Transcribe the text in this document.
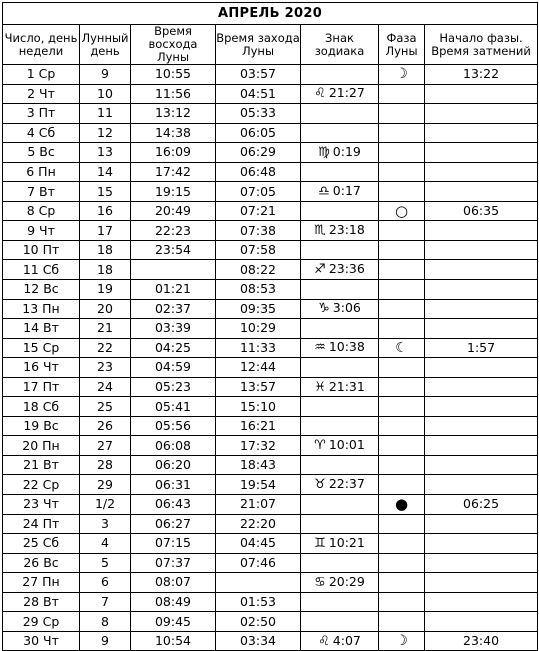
АПРЕЛЬ 2020						
Число, день недели	Лунный день	Время восхода Луны	Время захода Луны	Знак зодиака	Фаза Луны	Начало фазы. Время затмений
1 Ср	9	10:55	03:57		☽	13:22
2 Чт	10	11:56	04:51	♌ 21:27		
3 Пт	11	13:12	05:33			
4 Сб	12	14:38	06:05			
5 Вс	13	16:09	06:29	♍ 0:19		
6 Пн	14	17:42	06:48			
7 Вт	15	19:15	07:05	♎ 0:17		
8 Ср	16	20:49	07:21		○	06:35
9 Чт	17	22:23	07:38	♏ 23:18		
10 Пт	18	23:54	07:58			
11 Сб	18		08:22	♐ 23:36		
12 Вс	19	01:21	08:53			
13 Пн	20	02:37	09:35	♑ 3:06		
14 Вт	21	03:39	10:29			
15 Ср	22	04:25	11:33	♒ 10:38	☾	1:57
16 Чт	23	04:59	12:44			
17 Пт	24	05:23	13:57	♓ 21:31		
18 Сб	25	05:41	15:10			
19 Вс	26	05:56	16:21			
20 Пн	27	06:08	17:32	♈ 10:01		
21 Вт	28	06:20	18:43			
22 Ср	29	06:31	19:54	♉ 22:37		
23 Чт	1/2	06:43	21:07		●	06:25
24 Пт	3	06:27	22:20			
25 Сб	4	07:15	04:45	♊ 10:21		
26 Вс	5	07:37	07:46			
27 Пн	6	08:07		♋ 20:29		
28 Вт	7	08:49	01:53			
29 Ср	8	09:45	02:50			
30 Чт	9	10:54	03:34	♌ 4:07	☽	23:40
